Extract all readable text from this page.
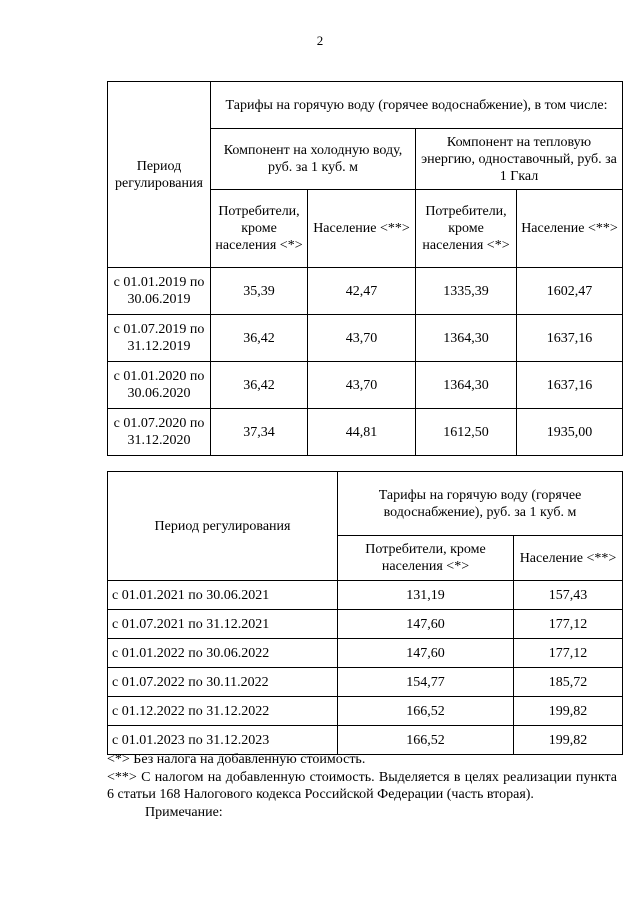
2
Период регулирования	Тарифы на горячую воду (горячее водоснабжение), в том числе:			
	Компонент на холодную воду, руб. за 1 куб. м		Компонент на тепловую энергию, одноставочный, руб. за 1 Гкал	
	Потребители, кроме населения <*>	Население <**>	Потребители, кроме населения <*>	Население <**>
с 01.01.2019 по 30.06.2019	35,39	42,47	1335,39	1602,47
с 01.07.2019 по 31.12.2019	36,42	43,70	1364,30	1637,16
с 01.01.2020 по 30.06.2020	36,42	43,70	1364,30	1637,16
с 01.07.2020 по 31.12.2020	37,34	44,81	1612,50	1935,00
Период регулирования	Тарифы на горячую воду (горячее водоснабжение), руб. за 1 куб. м	
	Потребители, кроме населения <*>	Население <**>
с 01.01.2021 по 30.06.2021	131,19	157,43
с 01.07.2021 по 31.12.2021	147,60	177,12
с 01.01.2022 по 30.06.2022	147,60	177,12
с 01.07.2022 по 30.11.2022	154,77	185,72
с 01.12.2022 по 31.12.2022	166,52	199,82
с 01.01.2023 по 31.12.2023	166,52	199,82

<*> Без налога на добавленную стоимость.

<**> С налогом на добавленную стоимость. Выделяется в целях реализации пункта 6 статьи 168 Налогового кодекса Российской Федерации (часть вторая).

Примечание:
